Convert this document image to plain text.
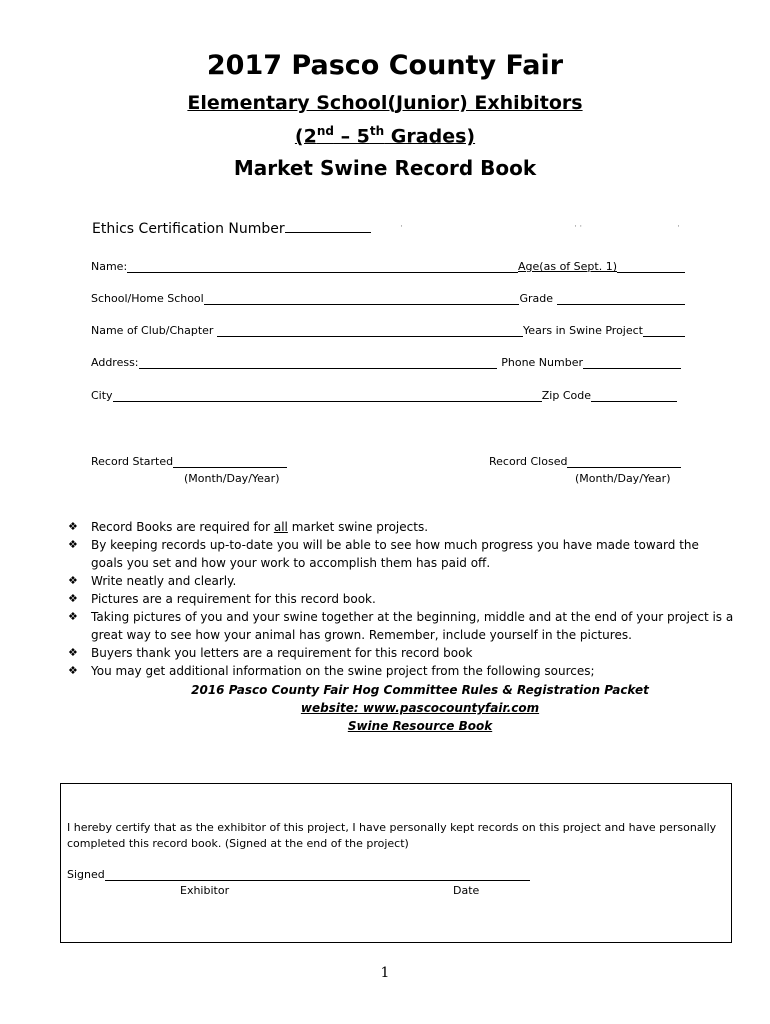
2017 Pasco County Fair
Elementary School(Junior) Exhibitors
(2nd – 5th Grades)
Market Swine Record Book
Ethics Certification Number	·	· ·	·
Name:	Age(as of Sept. 1)
School/Home School	Grade
Name of Club/Chapter	Years in Swine Project
Address:	Phone Number
City	Zip Code
Record Started	Record Closed
(Month/Day/Year)	(Month/Day/Year)
❖ Record Books are required for all market swine projects.
❖ By keeping records up-to-date you will be able to see how much progress you have made toward the goals you set and how your work to accomplish them has paid off.
❖ Write neatly and clearly.
❖ Pictures are a requirement for this record book.
❖ Taking pictures of you and your swine together at the beginning, middle and at the end of your project is a great way to see how your animal has grown. Remember, include yourself in the pictures.
❖ Buyers thank you letters are a requirement for this record book
❖ You may get additional information on the swine project from the following sources;
2016 Pasco County Fair Hog Committee Rules & Registration Packet
website: www.pascocountyfair.com
Swine Resource Book
I hereby certify that as the exhibitor of this project, I have personally kept records on this project and have personally completed this record book. (Signed at the end of the project)
Signed
Exhibitor	Date
1
